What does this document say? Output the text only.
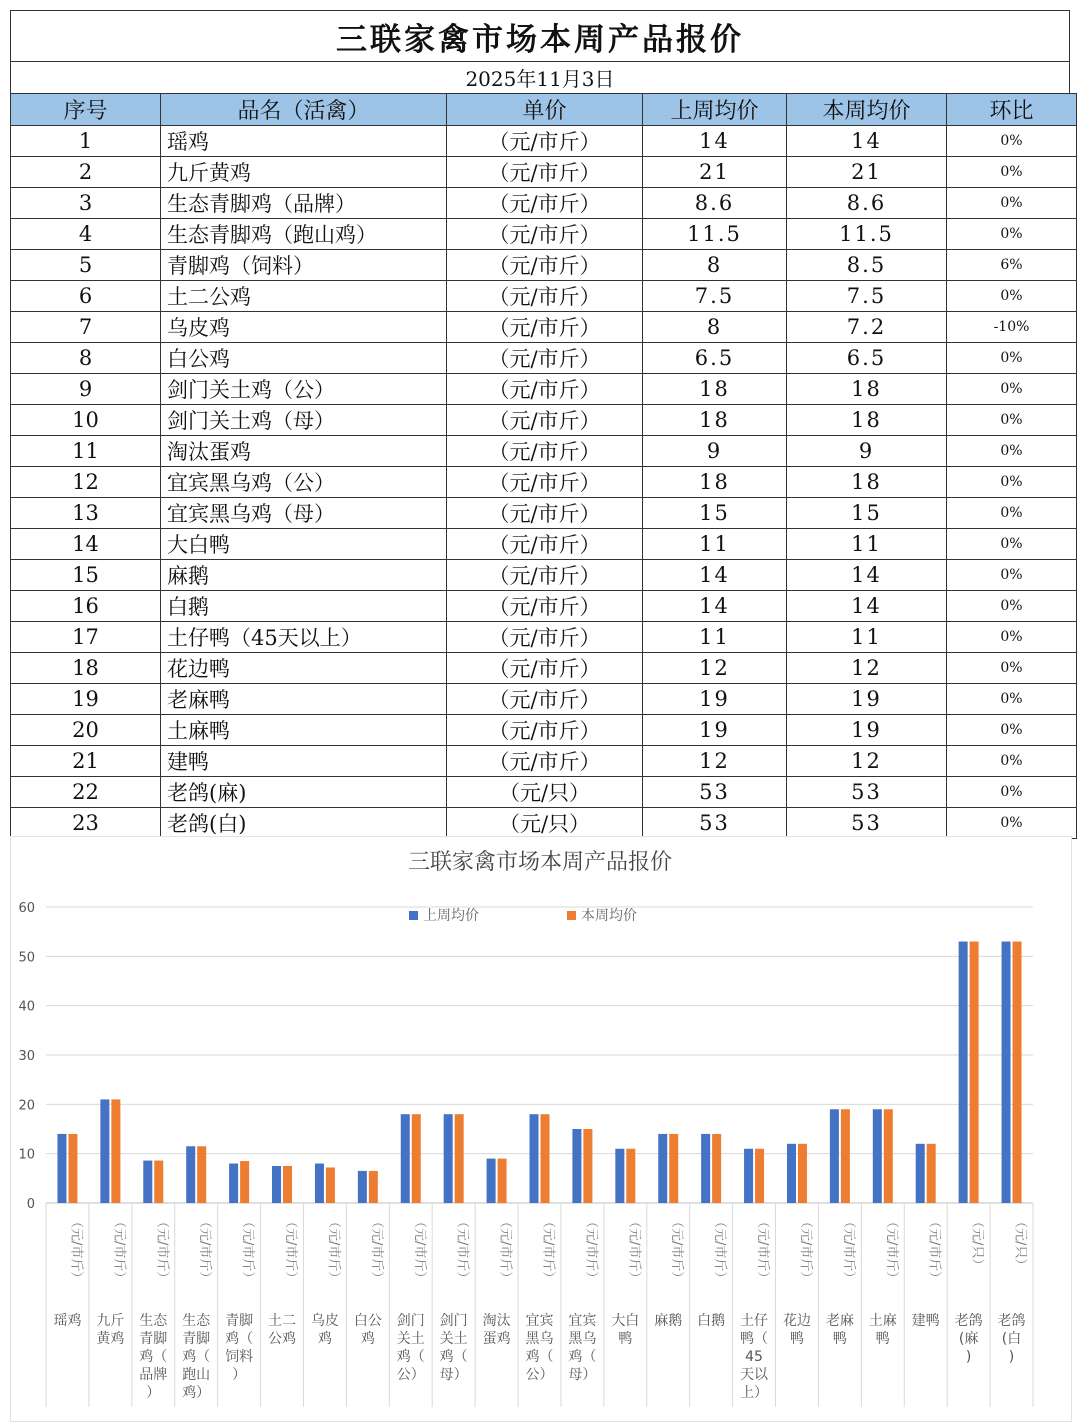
三联家禽市场本周产品报价
2025年11月3日
序号	品名（活禽）	单价	上周均价	本周均价	环比
1	瑶鸡	（元/市斤）	14	14	0%
2	九斤黄鸡	（元/市斤）	21	21	0%
3	生态青脚鸡（品牌）	（元/市斤）	8.6	8.6	0%
4	生态青脚鸡（跑山鸡）	（元/市斤）	11.5	11.5	0%
5	青脚鸡（饲料）	（元/市斤）	8	8.5	6%
6	土二公鸡	（元/市斤）	7.5	7.5	0%
7	乌皮鸡	（元/市斤）	8	7.2	-10%
8	白公鸡	（元/市斤）	6.5	6.5	0%
9	剑门关土鸡（公）	（元/市斤）	18	18	0%
10	剑门关土鸡（母）	（元/市斤）	18	18	0%
11	淘汰蛋鸡	（元/市斤）	9	9	0%
12	宜宾黑乌鸡（公）	（元/市斤）	18	18	0%
13	宜宾黑乌鸡（母）	（元/市斤）	15	15	0%
14	大白鸭	（元/市斤）	11	11	0%
15	麻鹅	（元/市斤）	14	14	0%
16	白鹅	（元/市斤）	14	14	0%
17	土仔鸭（45天以上）	（元/市斤）	11	11	0%
18	花边鸭	（元/市斤）	12	12	0%
19	老麻鸭	（元/市斤）	19	19	0%
20	土麻鸭	（元/市斤）	19	19	0%
21	建鸭	（元/市斤）	12	12	0%
22	老鸽(麻)	（元/只）	53	53	0%
23	老鸽(白)	（元/只）	53	53	0%
三联家禽市场本周产品报价
0
10
20
30
40
50
60	上周均价	本周均价
（元/市斤）
瑶鸡
（元/市斤）
九斤黄鸡
（元/市斤）
生态青脚鸡（品牌）
（元/市斤）
生态青脚鸡（跑山鸡）
（元/市斤）
青脚鸡（饲料）
（元/市斤）
土二公鸡
（元/市斤）
乌皮鸡
（元/市斤）
白公鸡
（元/市斤）
剑门关土鸡（公）
（元/市斤）
剑门关土鸡（母）
（元/市斤）
淘汰蛋鸡
（元/市斤）
宜宾黑乌鸡（公）
（元/市斤）
宜宾黑乌鸡（母）
（元/市斤）
大白鸭
（元/市斤）
麻鹅
（元/市斤）
白鹅
（元/市斤）
土仔鸭（ 45 天以上）
（元/市斤）
花边鸭
（元/市斤）
老麻鸭
（元/市斤）
土麻鸭
（元/市斤）
建鸭
（元/只）
老鸽(麻)
（元/只）
老鸽(白)
